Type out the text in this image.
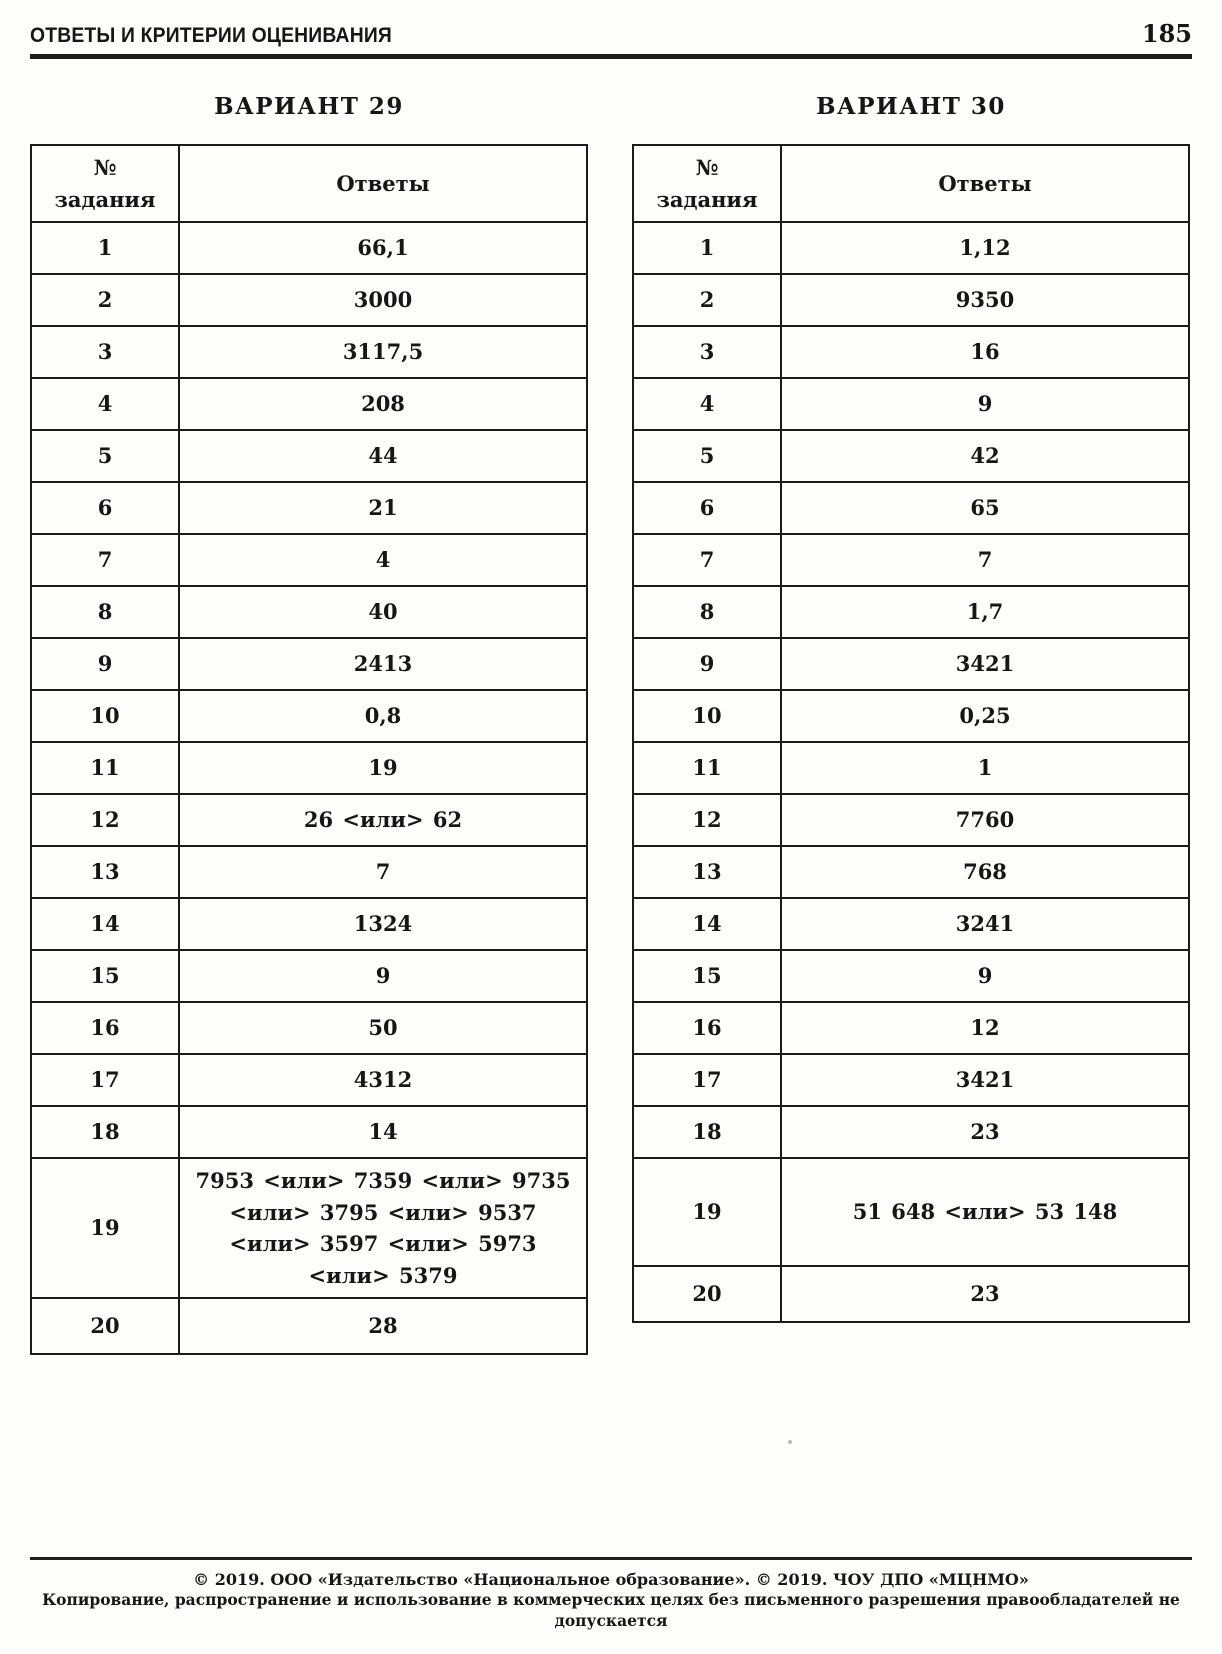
ОТВЕТЫ И КРИТЕРИИ ОЦЕНИВАНИЯ	185
ВАРИАНТ 29
№ задания	Ответы
1	66,1
2	3000
3	3117,5
4	208
5	44
6	21
7	4
8	40
9	2413
10	0,8
11	19
12	26 <или> 62
13	7
14	1324
15	9
16	50
17	4312
18	14
19	7953 <или> 7359 <или> 9735 <или> 3795 <или> 9537 <или> 3597 <или> 5973 <или> 5379
20	28
ВАРИАНТ 30
№ задания	Ответы
1	1,12
2	9350
3	16
4	9
5	42
6	65
7	7
8	1,7
9	3421
10	0,25
11	1
12	7760
13	768
14	3241
15	9
16	12
17	3421
18	23
19	51 648 <или> 53 148
20	23
© 2019. ООО «Издательство «Национальное образование». © 2019. ЧОУ ДПО «МЦНМО»
Копирование, распространение и использование в коммерческих целях без письменного разрешения правообладателей не допускается
